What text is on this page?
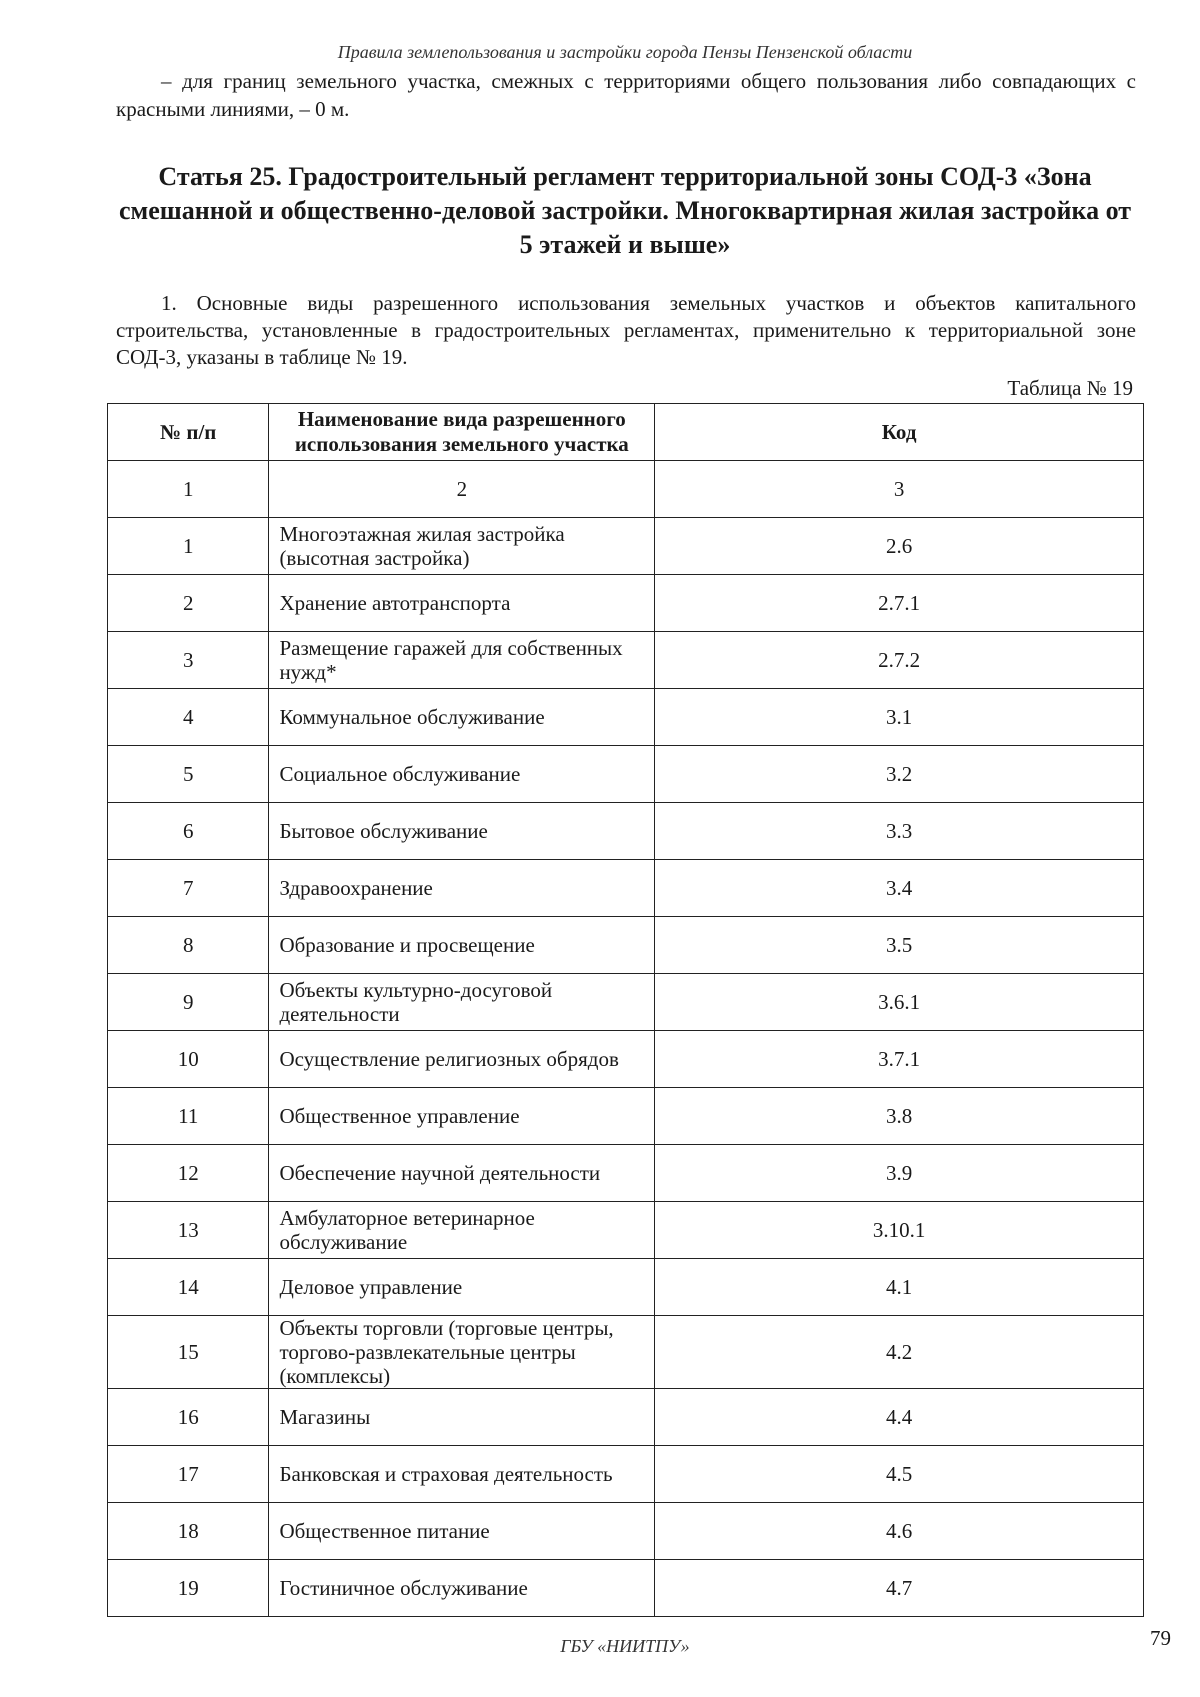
Правила землепользования и застройки города Пензы Пензенской области

– для границ земельного участка, смежных с территориями общего пользования либо совпадающих с красными линиями, – 0 м.

Статья 25. Градостроительный регламент территориальной зоны СОД-3 «Зона смешанной и общественно-деловой застройки. Многоквартирная жилая застройка от 5 этажей и выше»

1. Основные виды разрешенного использования земельных участков и объектов капитального строительства, установленные в градостроительных регламентах, применительно к территориальной зоне СОД-3, указаны в таблице № 19.

Таблица № 19
№ п/п	Наименование вида разрешенного использования земельного участка	Код
1	2	3
1	Многоэтажная жилая застройка (высотная застройка)	2.6
2	Хранение автотранспорта	2.7.1
3	Размещение гаражей для собственных нужд*	2.7.2
4	Коммунальное обслуживание	3.1
5	Социальное обслуживание	3.2
6	Бытовое обслуживание	3.3
7	Здравоохранение	3.4
8	Образование и просвещение	3.5
9	Объекты культурно-досуговой деятельности	3.6.1
10	Осуществление религиозных обрядов	3.7.1
11	Общественное управление	3.8
12	Обеспечение научной деятельности	3.9
13	Амбулаторное ветеринарное обслуживание	3.10.1
14	Деловое управление	4.1
15	Объекты торговли (торговые центры, торгово-развлекательные центры (комплексы)	4.2
16	Магазины	4.4
17	Банковская и страховая деятельность	4.5
18	Общественное питание	4.6
19	Гостиничное обслуживание	4.7
ГБУ «НИИТПУ»	79
